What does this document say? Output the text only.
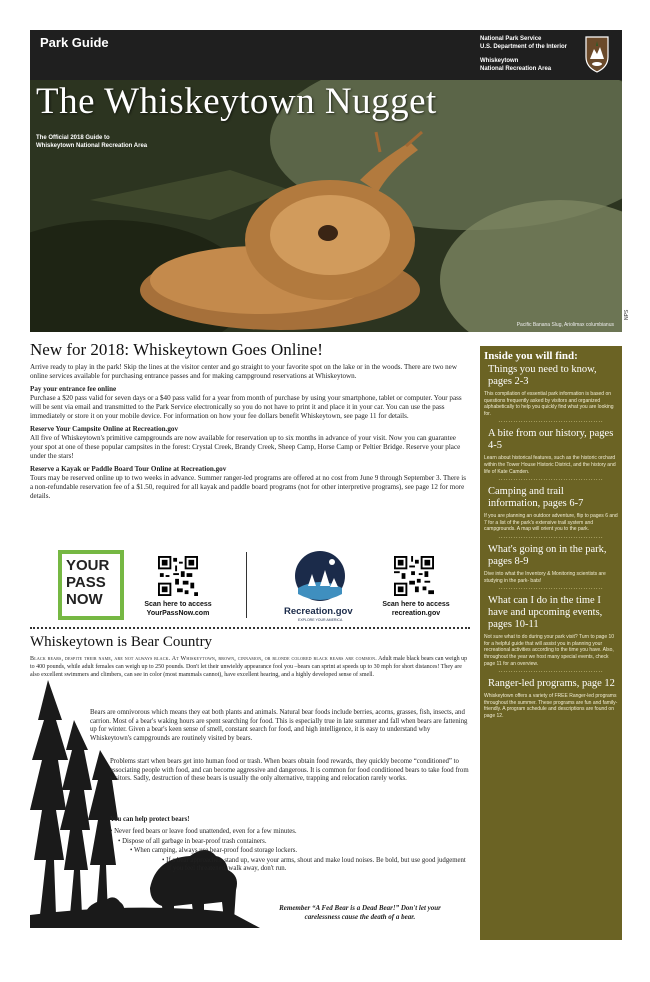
Park Guide	National Park Service
U.S. Department of the Interior
Whiskeytown
National Recreation Area
The Whiskeytown Nugget
The Official 2018 Guide to
Whiskeytown National Recreation Area
Pacific Banana Slug, Ariolimax columbianus
NPS
New for 2018: Whiskeytown Goes Online!
Arrive ready to play in the park! Skip the lines at the visitor center and go straight to your favorite spot on the lake or in the woods. There are two new online services available for purchasing entrance passes and for making campground reservations at Whiskeytown.
Pay your entrance fee online
Purchase a $20 pass valid for seven days or a $40 pass valid for a year from month of purchase by using your smartphone, tablet or computer. Your pass will be sent via email and transmitted to the Park Service electronically so you do not have to print it and place it in your car. You can use the pass immediately or store it on your mobile device. For information on how your fee dollars benefit Whiskeytown, see page 11 for details.
Reserve Your Campsite Online at Recreation.gov
All five of Whiskeytown's primitive campgrounds are now available for reservation up to six months in advance of your visit. Now you can guarantee your spot at one of these popular campsites in the forest: Crystal Creek, Brandy Creek, Sheep Camp, Horse Camp or Peltier Bridge. Reserve your place under the stars!
Reserve a Kayak or Paddle Board Tour Online at Recreation.gov
Tours may be reserved online up to two weeks in advance. Summer ranger-led programs are offered at no cost from June 9 through September 3. There is a non-refundable reservation fee of a $1.50, required for all kayak and paddle board programs (not for other interpretive programs), see page 12 for more details.
YOUR
PASS
NOW	Scan here to access
YourPassNow.com	Recreation.gov
EXPLORE YOUR AMERICA
Scan here to access
recreation.gov
Whiskeytown is Bear Country
Black bears, despite their name, are not always black. At Whiskeytown, brown, cinnamon, or blonde colored black bears are common. Adult male black bears can weigh up to 400 pounds, while adult females can weigh up to 250 pounds. Don't let their unwieldy appearance fool you –bears can sprint at speeds up to 30 mph for short distances! They are also excellent swimmers and climbers, can see in color (most mammals cannot), have excellent hearing, and a highly developed sense of smell.
Bears are omnivorous which means they eat both plants and animals. Natural bear foods include berries, acorns, grasses, fish, insects, and carrion. Most of a bear's waking hours are spent searching for food. This is especially true in late summer and fall when bears are fattening up for winter. Given a bear's keen sense of smell, constant search for food, and high intelligence, it is easy to understand why Whiskeytown's campgrounds are routinely visited by bears.
Problems start when bears get into human food or trash. When bears obtain food rewards, they quickly become “conditioned” to associating people with food, and can become aggressive and dangerous. It is common for food conditioned bears to take food from visitors. Sadly, destruction of these bears is usually the only alternative, trapping and relocation rarely works.
You can help protect bears!
• Never feed bears or leave food unattended, even for a few minutes.
• Dispose of all garbage in bear-proof trash containers.
• When camping, always use bear-proof food storage lockers.
• If a bear approaches, stand up, wave your arms, shout and make loud noises. Be bold, but use good judgement – if you feel threatened, walk away, don't run.
Remember “A Fed Bear is a Dead Bear!” Don't let your
carelessness cause the death of a bear.
Inside you will find:
Things you need to know, pages 2-3
This compilation of essential park information is based on questions frequently asked by visitors and organized alphabetically to help you quickly find what you are looking for.
..........................................
A bite from our history, pages 4-5
Learn about historical features, such as the historic orchard within the Tower House Historic District, and the history and life of Kate Camden.
..........................................
Camping and trail information, pages 6-7
If you are planning an outdoor adventure, flip to pages 6 and 7 for a list of the park's extensive trail system and campgrounds. A map will orient you to the park.
..........................................
What's going on in the park, pages 8-9
Dive into what the Inventory & Monitoring scientists are studying in the park- bats!
..........................................
What can I do in the time I have and upcoming events, pages 10-11
Not sure what to do during your park visit? Turn to page 10 for a helpful guide that will assist you in planning your recreational activities according to the time you have. Also, throughout the year we host many special events, check page 11 for an overview.
..........................................
Ranger-led programs, page 12
Whiskeytown offers a variety of FREE Ranger-led programs throughout the summer. These programs are fun and family-friendly. A program schedule and descriptions are found on page 12.
